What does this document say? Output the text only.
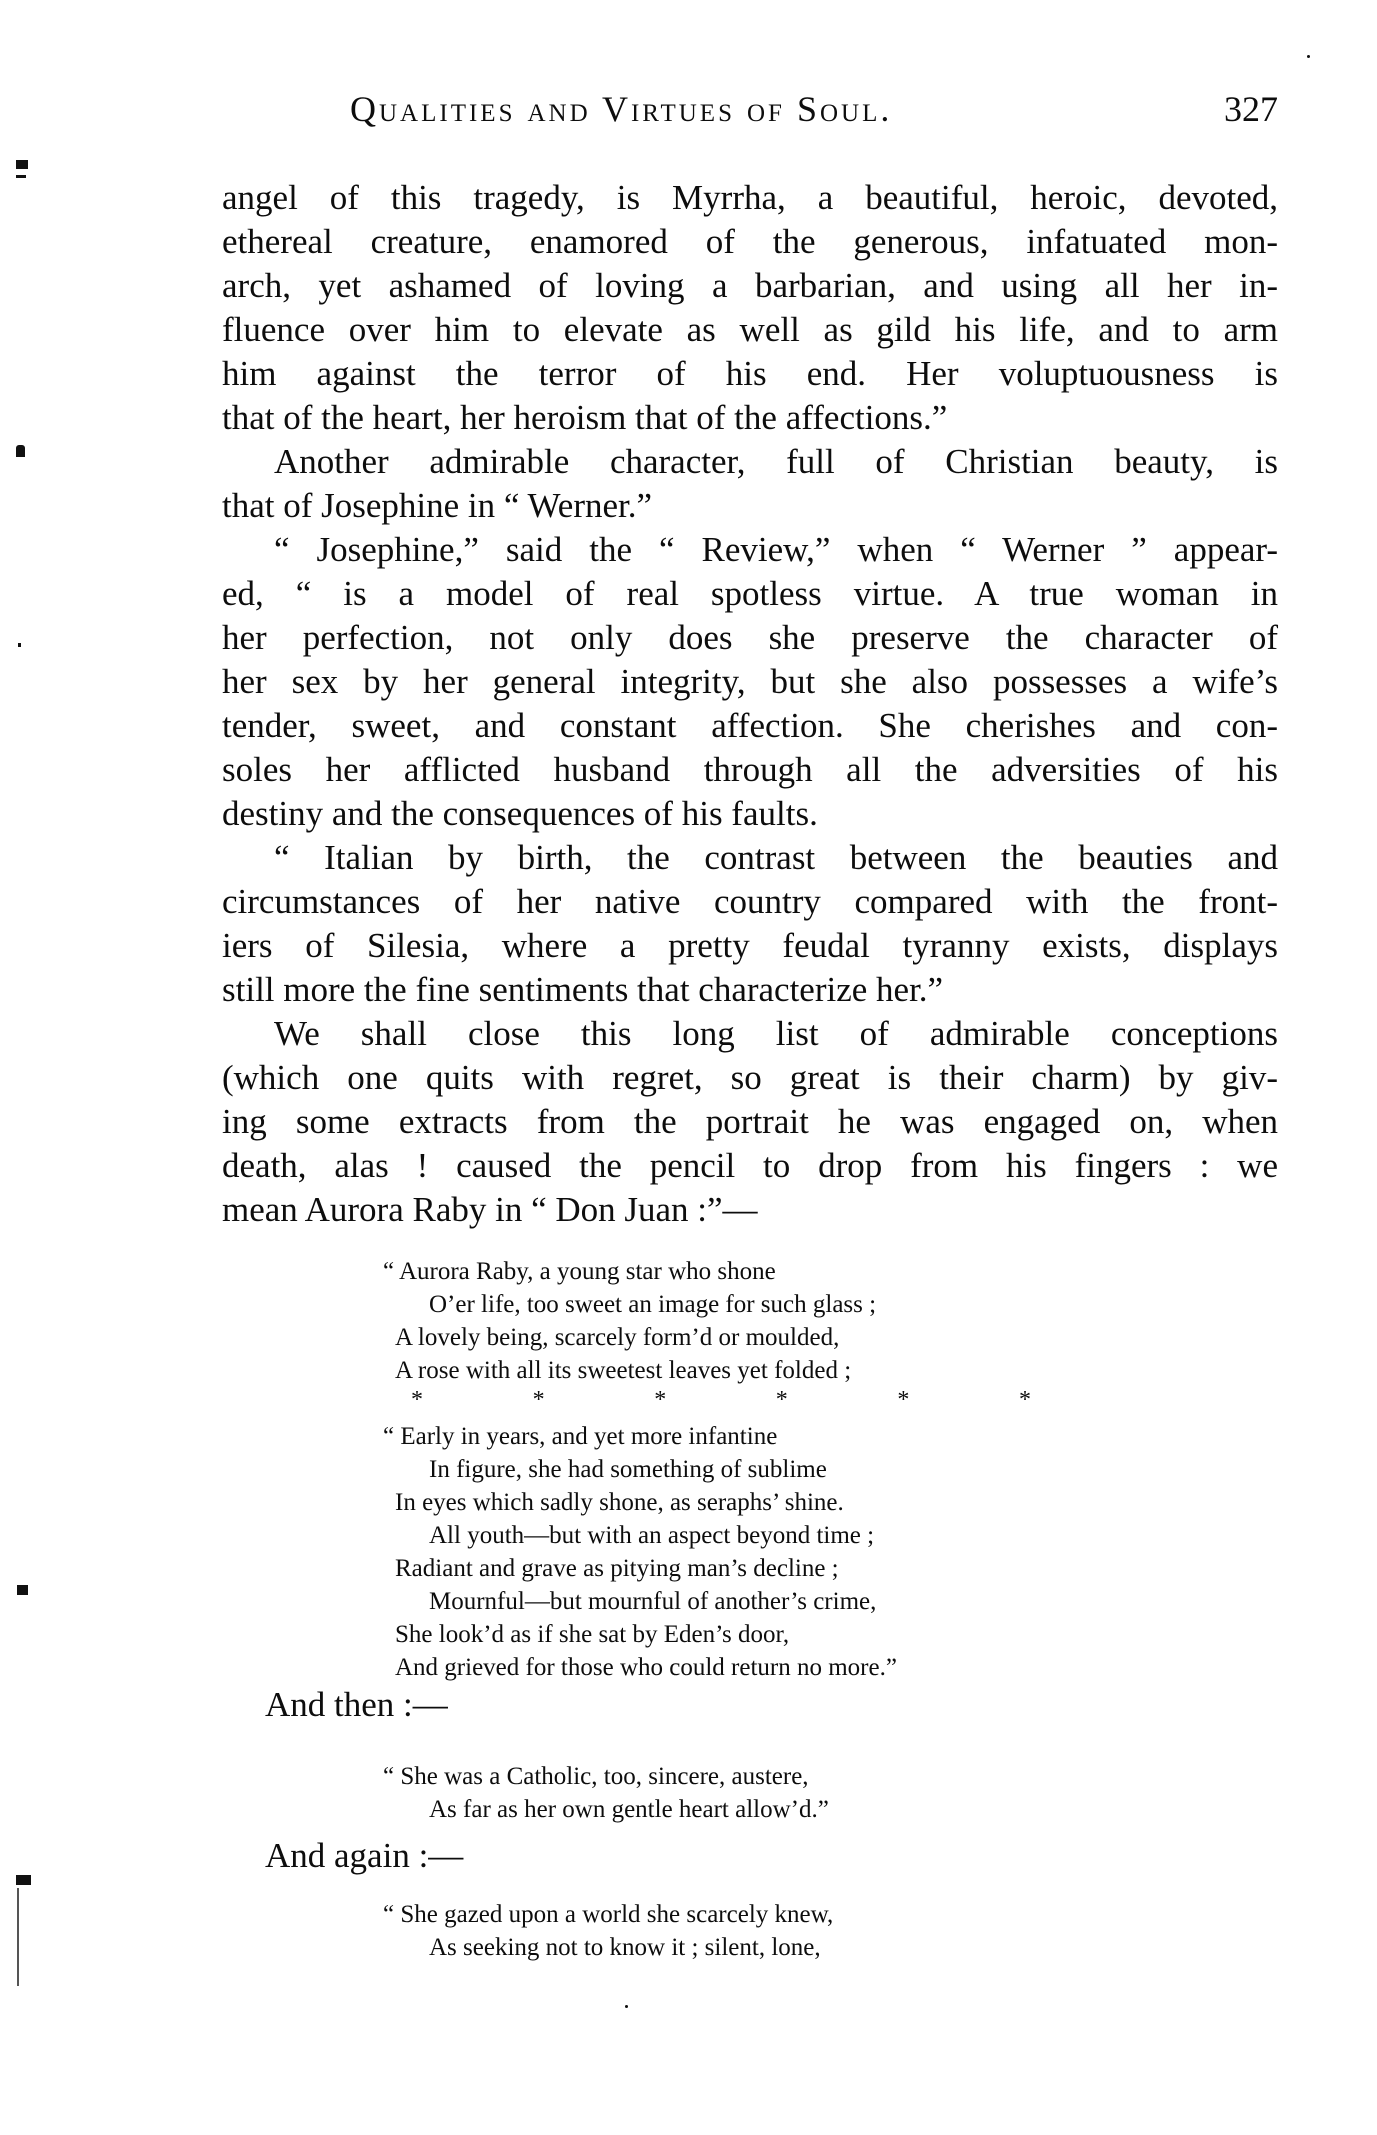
Qualities and Virtues of Soul.	327
angel of this tragedy, is Myrrha, a beautiful, heroic, devoted,
ethereal creature, enamored of the generous, infatuated mon-
arch, yet ashamed of loving a barbarian, and using all her in-
fluence over him to elevate as well as gild his life, and to arm
him against the terror of his end. Her voluptuousness is
that of the heart, her heroism that of the affections.”
Another admirable character, full of Christian beauty, is
that of Josephine in “ Werner.”
“ Josephine,” said the “ Review,” when “ Werner ” appear-
ed, “ is a model of real spotless virtue. A true woman in
her perfection, not only does she preserve the character of
her sex by her general integrity, but she also possesses a wife’s
tender, sweet, and constant affection. She cherishes and con-
soles her afflicted husband through all the adversities of his
destiny and the consequences of his faults.
“ Italian by birth, the contrast between the beauties and
circumstances of her native country compared with the front-
iers of Silesia, where a pretty feudal tyranny exists, displays
still more the fine sentiments that characterize her.”
We shall close this long list of admirable conceptions
(which one quits with regret, so great is their charm) by giv-
ing some extracts from the portrait he was engaged on, when
death, alas ! caused the pencil to drop from his fingers : we
mean Aurora Raby in “ Don Juan :”—
“ Aurora Raby, a young star who shone
O’er life, too sweet an image for such glass ;
A lovely being, scarcely form’d or moulded,
A rose with all its sweetest leaves yet folded ;
*	*	*	*	*	*
“ Early in years, and yet more infantine
In figure, she had something of sublime
In eyes which sadly shone, as seraphs’ shine.
All youth—but with an aspect beyond time ;
Radiant and grave as pitying man’s decline ;
Mournful—but mournful of another’s crime,
She look’d as if she sat by Eden’s door,
And grieved for those who could return no more.”
And then :—
“ She was a Catholic, too, sincere, austere,
As far as her own gentle heart allow’d.”
And again :—
“ She gazed upon a world she scarcely knew,
As seeking not to know it ; silent, lone,
